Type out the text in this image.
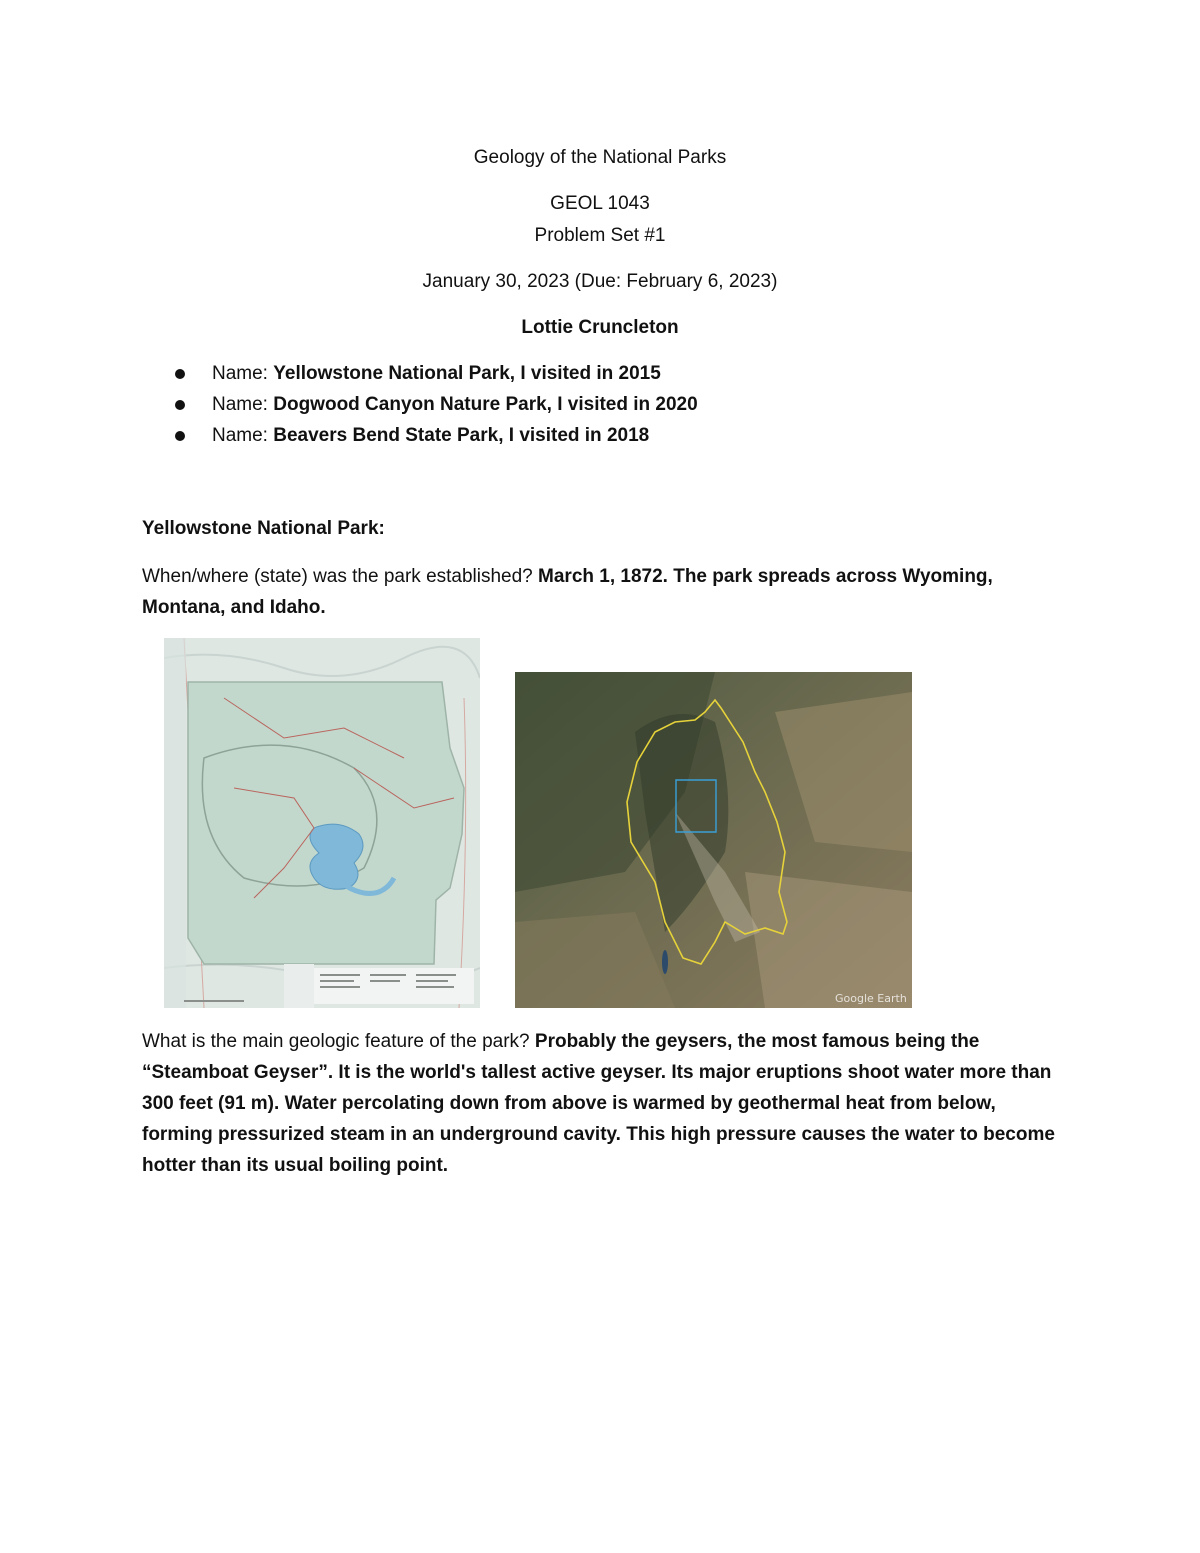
Geology of the National Parks
GEOL 1043
Problem Set #1
January 30, 2023 (Due: February 6, 2023)
Lottie Cruncleton
Name: Yellowstone National Park, I visited in 2015
Name: Dogwood Canyon Nature Park, I visited in 2020
Name: Beavers Bend State Park, I visited in 2018
Yellowstone National Park:
When/where (state) was the park established? March 1, 1872. The park spreads across Wyoming, Montana, and Idaho.
Google Earth
What is the main geologic feature of the park? Probably the geysers, the most famous being the “Steamboat Geyser”. It is the world's tallest active geyser. Its major eruptions shoot water more than 300 feet (91 m). Water percolating down from above is warmed by geothermal heat from below, forming pressurized steam in an underground cavity. This high pressure causes the water to become hotter than its usual boiling point.
